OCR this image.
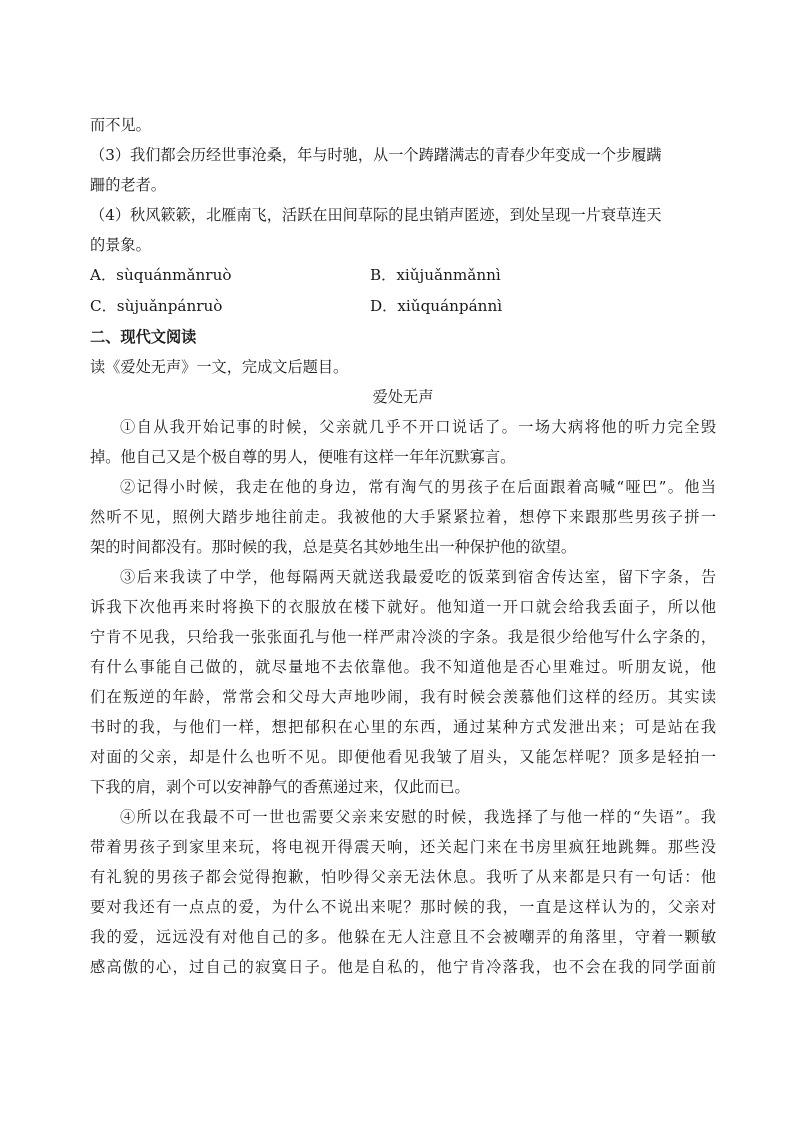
而不见。
（3）我们都会历经世事沧桑，年与时驰，从一个踌躇满志的青春少年变成一个步履蹒
跚的老者。
（4）秋风簌簌，北雁南飞，活跃在田间草际的昆虫销声匿迹，到处呈现一片衰草连天
的景象。
A．sùquánmǎnruò	B．xiǔjuǎnmǎnnì
C．sùjuǎnpánruò	D．xiǔquánpánnì
二、现代文阅读
读《爱处无声》一文，完成文后题目。
爱处无声
①自从我开始记事的时候，父亲就几乎不开口说话了。一场大病将他的听力完全毁
掉。他自己又是个极自尊的男人，便唯有这样一年年沉默寡言。
②记得小时候，我走在他的身边，常有淘气的男孩子在后面跟着高喊“哑巴”。他当
然听不见，照例大踏步地往前走。我被他的大手紧紧拉着，想停下来跟那些男孩子拼一
架的时间都没有。那时候的我，总是莫名其妙地生出一种保护他的欲望。
③后来我读了中学，他每隔两天就送我最爱吃的饭菜到宿舍传达室，留下字条，告
诉我下次他再来时将换下的衣服放在楼下就好。他知道一开口就会给我丢面子，所以他
宁肯不见我，只给我一张张面孔与他一样严肃冷淡的字条。我是很少给他写什么字条的，
有什么事能自己做的，就尽量地不去依靠他。我不知道他是否心里难过。听朋友说，他
们在叛逆的年龄，常常会和父母大声地吵闹，我有时候会羡慕他们这样的经历。其实读
书时的我，与他们一样，想把郁积在心里的东西，通过某种方式发泄出来；可是站在我
对面的父亲，却是什么也听不见。即便他看见我皱了眉头，又能怎样呢？顶多是轻拍一
下我的肩，剥个可以安神静气的香蕉递过来，仅此而已。
④所以在我最不可一世也需要父亲来安慰的时候，我选择了与他一样的“失语”。我
带着男孩子到家里来玩，将电视开得震天响，还关起门来在书房里疯狂地跳舞。那些没
有礼貌的男孩子都会觉得抱歉，怕吵得父亲无法休息。我听了从来都是只有一句话：他
要对我还有一点点的爱，为什么不说出来呢？那时候的我，一直是这样认为的，父亲对
我的爱，远远没有对他自己的多。他躲在无人注意且不会被嘲弄的角落里，守着一颗敏
感高傲的心，过自己的寂寞日子。他是自私的，他宁肯冷落我，也不会在我的同学面前
